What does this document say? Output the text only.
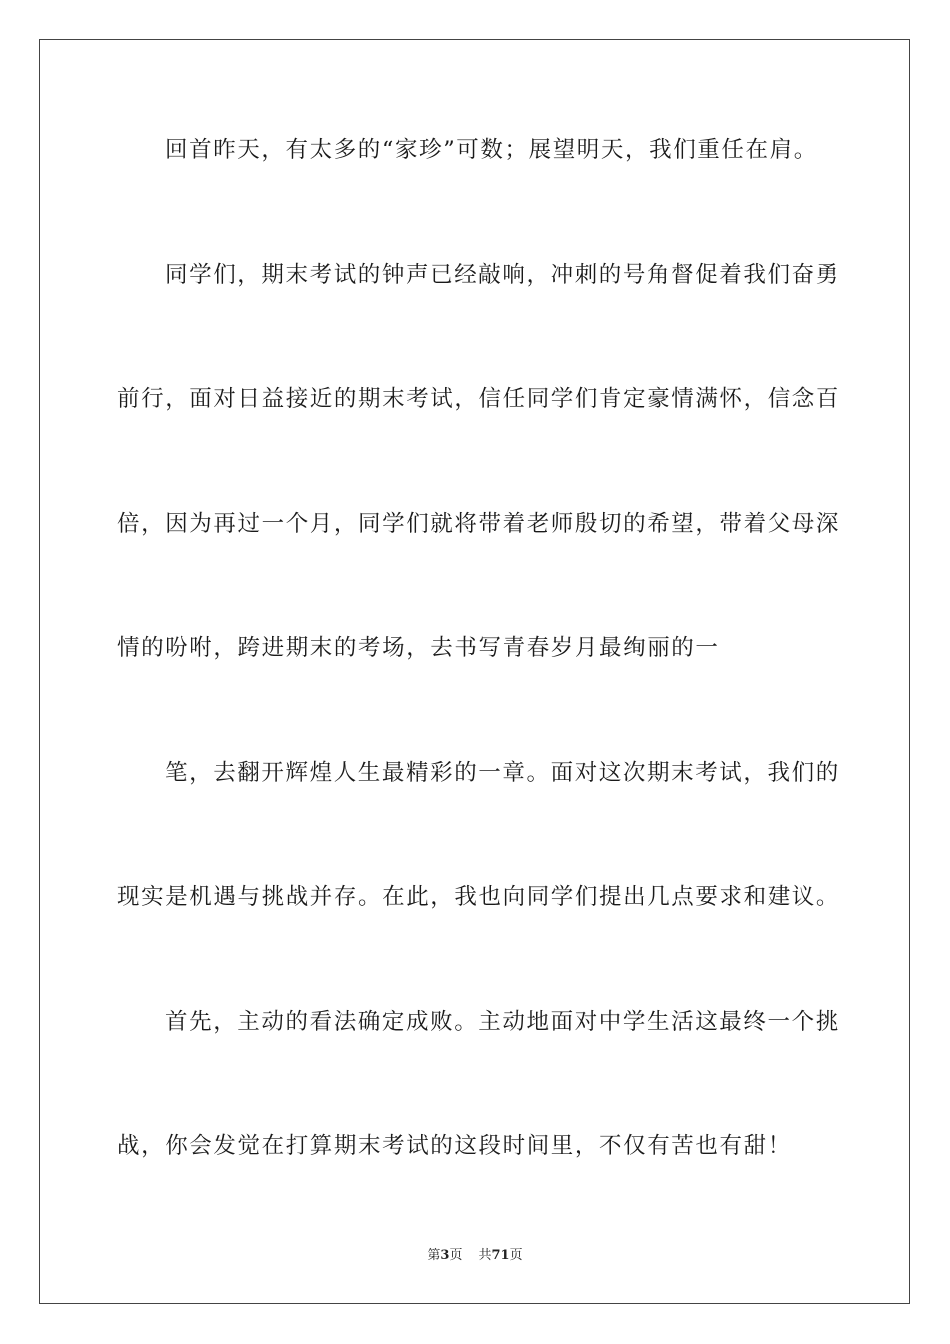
回首昨天，有太多的“家珍”可数；展望明天，我们重任在肩。
同学们，期末考试的钟声已经敲响，冲刺的号角督促着我们奋勇
前行，面对日益接近的期末考试，信任同学们肯定豪情满怀，信念百
倍，因为再过一个月，同学们就将带着老师殷切的希望，带着父母深
情的吩咐，跨进期末的考场，去书写青春岁月最绚丽的一
笔，去翻开辉煌人生最精彩的一章。面对这次期末考试，我们的
现实是机遇与挑战并存。在此，我也向同学们提出几点要求和建议。
首先，主动的看法确定成败。主动地面对中学生活这最终一个挑
战，你会发觉在打算期末考试的这段时间里，不仅有苦也有甜！
第3页 共71页
